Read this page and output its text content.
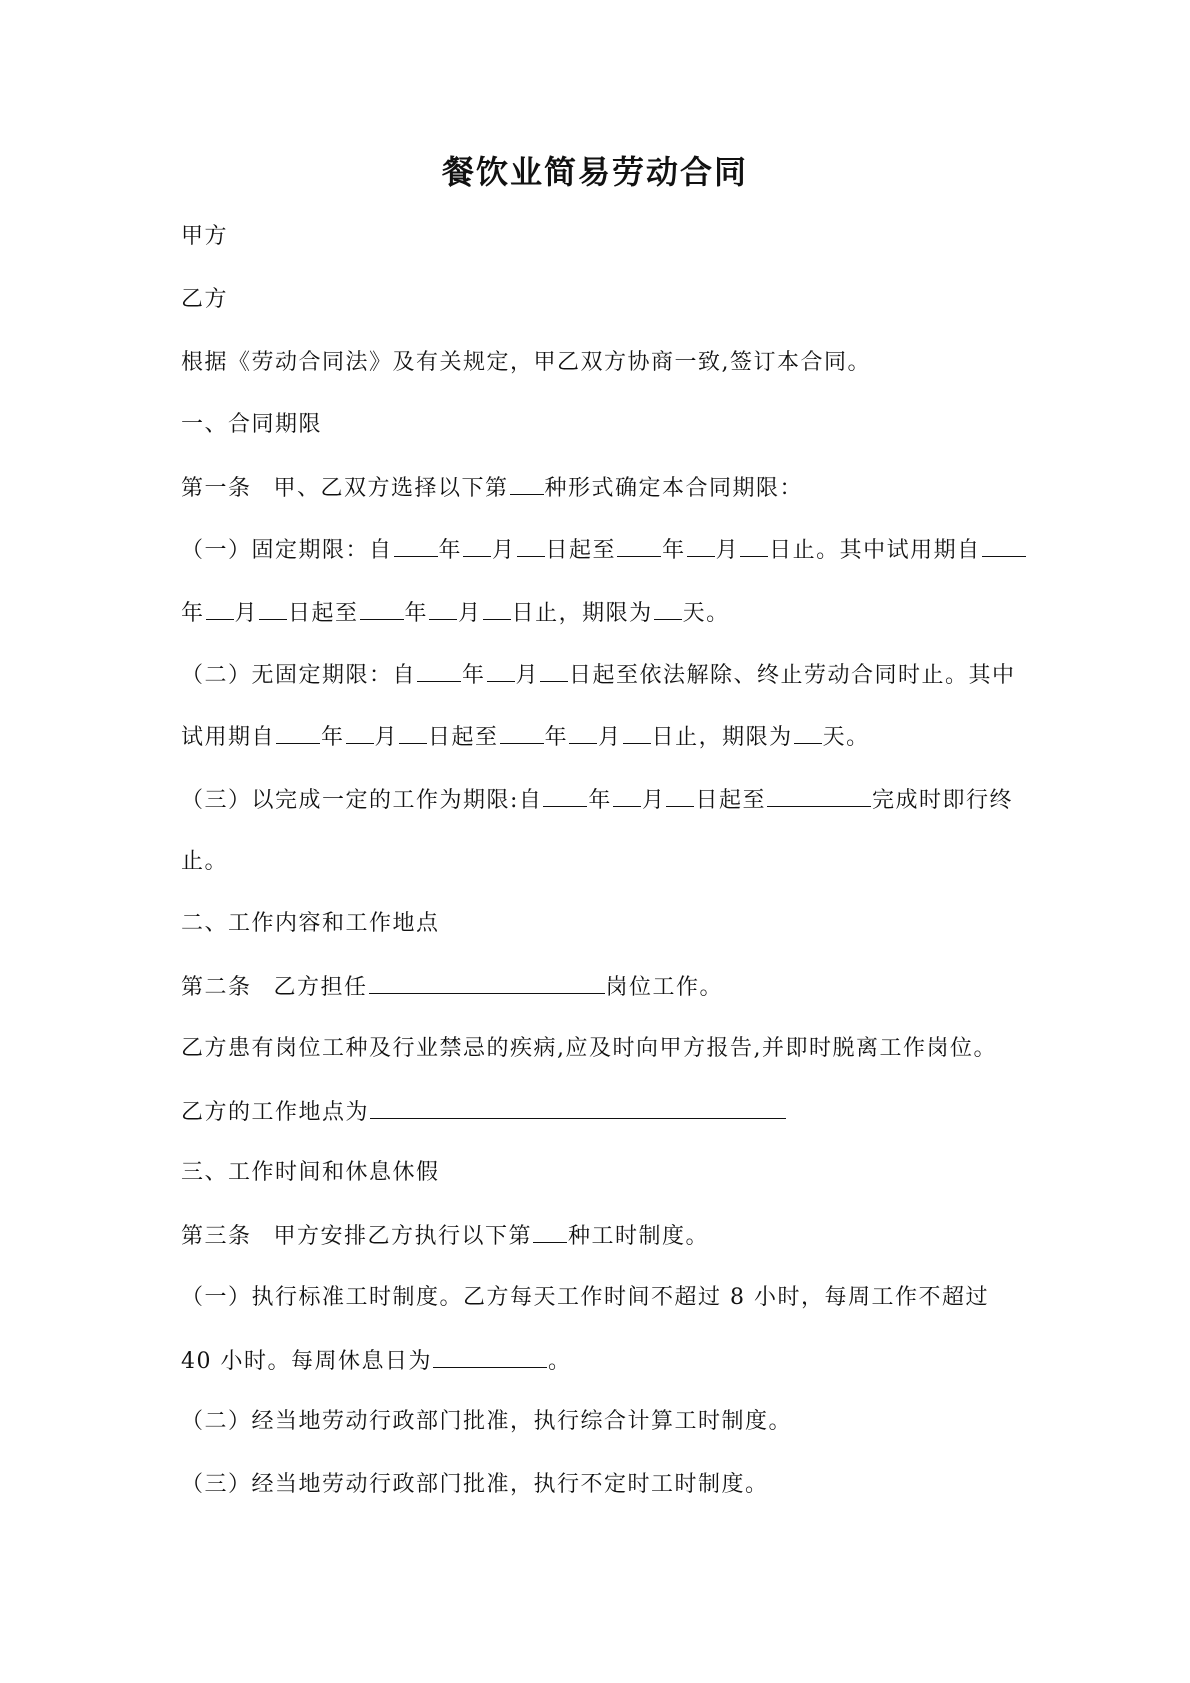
餐饮业简易劳动合同
甲方
乙方
根据《劳动合同法》及有关规定，甲乙双方协商一致,签订本合同。
一、合同期限
第一条 甲、乙双方选择以下第 种形式确定本合同期限：
（一）固定期限：自 年 月 日起至 年 月 日止。其中试用期自
年 月 日起至 年 月 日止，期限为 天。
（二）无固定期限：自 年 月 日起至依法解除、终止劳动合同时止。其中
试用期自 年 月 日起至 年 月 日止，期限为 天。
（三）以完成一定的工作为期限:自 年 月 日起至	完成时即行终
止。
二、工作内容和工作地点
第二条 乙方担任	岗位工作。
乙方患有岗位工种及行业禁忌的疾病,应及时向甲方报告,并即时脱离工作岗位。
乙方的工作地点为
三、工作时间和休息休假
第三条 甲方安排乙方执行以下第 种工时制度。
（一）执行标准工时制度。乙方每天工作时间不超过 8 小时，每周工作不超过
40 小时。每周休息日为	。
（二）经当地劳动行政部门批准，执行综合计算工时制度。
（三）经当地劳动行政部门批准，执行不定时工时制度。
